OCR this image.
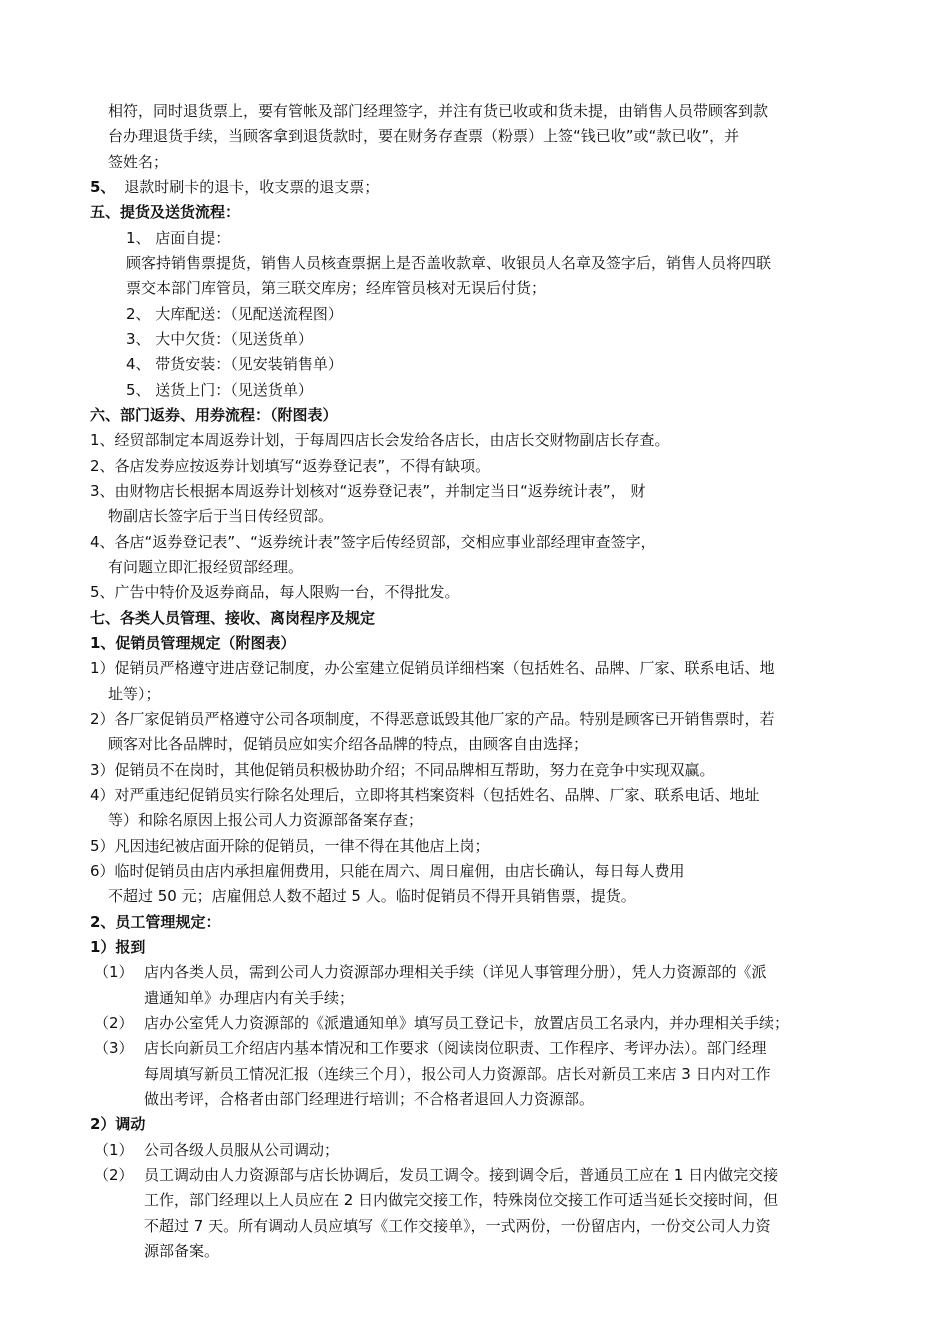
相符，同时退货票上，要有管帐及部门经理签字，并注有货已收或和货未提，由销售人员带顾客到款
台办理退货手续，当顾客拿到退货款时，要在财务存查票（粉票）上签“钱已收”或“款已收”，并
签姓名；
5、 退款时刷卡的退卡，收支票的退支票；
五、提货及送货流程：
1、 店面自提：
顾客持销售票提货，销售人员核查票据上是否盖收款章、收银员人名章及签字后，销售人员将四联
票交本部门库管员，第三联交库房；经库管员核对无误后付货；
2、 大库配送：（见配送流程图）
3、 大中欠货：（见送货单）
4、 带货安装：（见安装销售单）
5、 送货上门：（见送货单）
六、部门返券、用券流程：（附图表）
1、经贸部制定本周返券计划，于每周四店长会发给各店长，由店长交财物副店长存查。
2、各店发券应按返券计划填写“返券登记表”，不得有缺项。
3、由财物店长根据本周返券计划核对“返券登记表”，并制定当日“返券统计表”， 财
物副店长签字后于当日传经贸部。
4、各店“返券登记表”、“返券统计表”签字后传经贸部，交相应事业部经理审查签字，
有问题立即汇报经贸部经理。
5、广告中特价及返券商品，每人限购一台，不得批发。
七、各类人员管理、接收、离岗程序及规定
1、促销员管理规定（附图表）
1）促销员严格遵守进店登记制度，办公室建立促销员详细档案（包括姓名、品牌、厂家、联系电话、地
址等）；
2）各厂家促销员严格遵守公司各项制度，不得恶意诋毁其他厂家的产品。特别是顾客已开销售票时，若
顾客对比各品牌时，促销员应如实介绍各品牌的特点，由顾客自由选择；
3）促销员不在岗时，其他促销员积极协助介绍；不同品牌相互帮助，努力在竞争中实现双赢。
4）对严重违纪促销员实行除名处理后，立即将其档案资料（包括姓名、品牌、厂家、联系电话、地址
等）和除名原因上报公司人力资源部备案存查；
5）凡因违纪被店面开除的促销员，一律不得在其他店上岗；
6）临时促销员由店内承担雇佣费用，只能在周六、周日雇佣，由店长确认，每日每人费用
不超过 50 元；店雇佣总人数不超过 5 人。临时促销员不得开具销售票，提货。
2、员工管理规定：
1）报到
（1） 店内各类人员，需到公司人力资源部办理相关手续（详见人事管理分册），凭人力资源部的《派
遣通知单》办理店内有关手续；
（2） 店办公室凭人力资源部的《派遣通知单》填写员工登记卡，放置店员工名录内，并办理相关手续；
（3） 店长向新员工介绍店内基本情况和工作要求（阅读岗位职责、工作程序、考评办法）。部门经理
每周填写新员工情况汇报（连续三个月），报公司人力资源部。店长对新员工来店 3 日内对工作
做出考评，合格者由部门经理进行培训；不合格者退回人力资源部。
2）调动
（1） 公司各级人员服从公司调动；
（2） 员工调动由人力资源部与店长协调后，发员工调令。接到调令后，普通员工应在 1 日内做完交接
工作，部门经理以上人员应在 2 日内做完交接工作，特殊岗位交接工作可适当延长交接时间，但
不超过 7 天。所有调动人员应填写《工作交接单》，一式两份，一份留店内，一份交公司人力资
源部备案。
